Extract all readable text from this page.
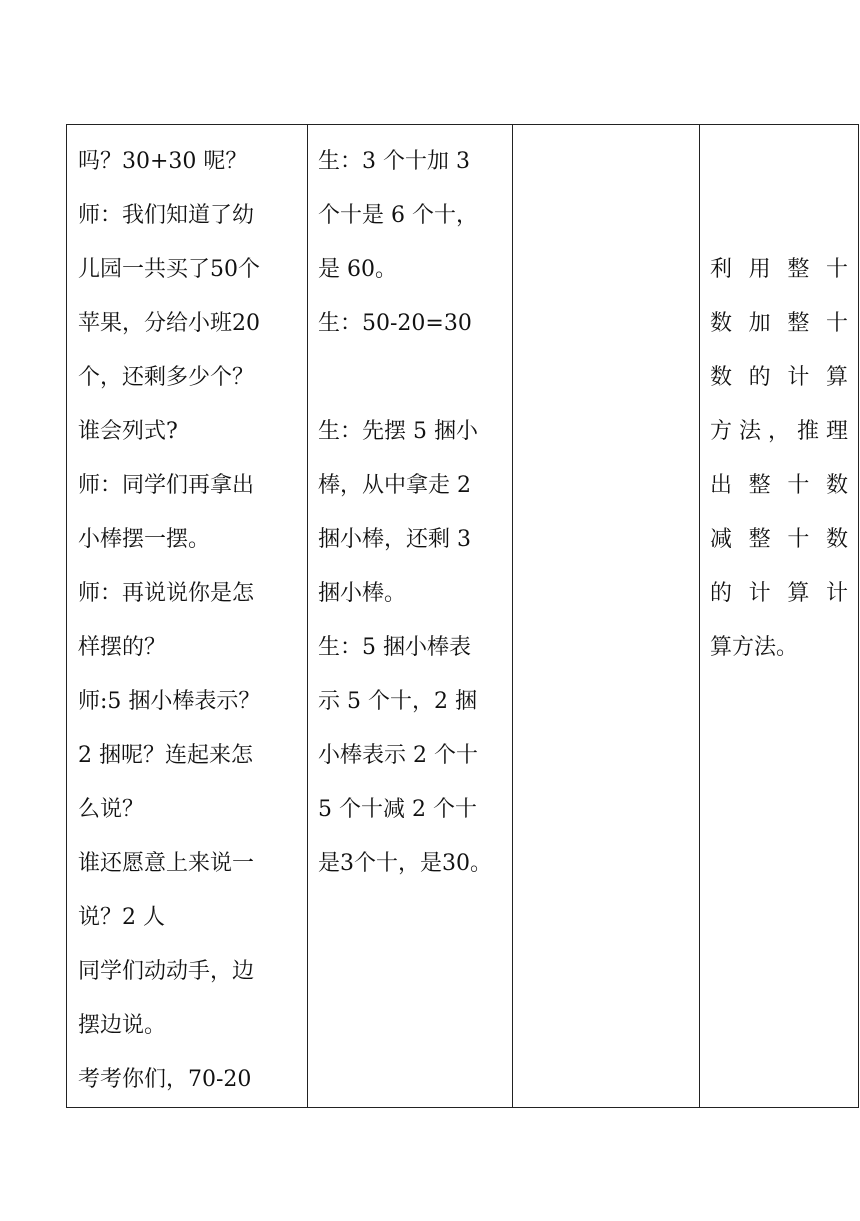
吗？30+30 呢？
师：我们知道了幼
儿园一共买了50个
苹果，分给小班20
个，还剩多少个？
谁会列式?
师：同学们再拿出
小棒摆一摆。
师：再说说你是怎
样摆的？
师:5 捆小棒表示？
2 捆呢？连起来怎
么说？
谁还愿意上来说一
说？2 人
同学们动动手，边
摆边说。
考考你们，70-20

生：3 个十加 3
个十是 6 个十，
是 60。
生：50-20=30
生：先摆 5 捆小
棒，从中拿走 2
捆小棒，还剩 3
捆小棒。
生：5 捆小棒表
示 5 个十，2 捆
小棒表示 2 个十
5 个十减 2 个十
是3个十，是30。

利用整十
数加整十
数的计算
方法，推理
出整十数
减整十数
的计算计
算方法。
